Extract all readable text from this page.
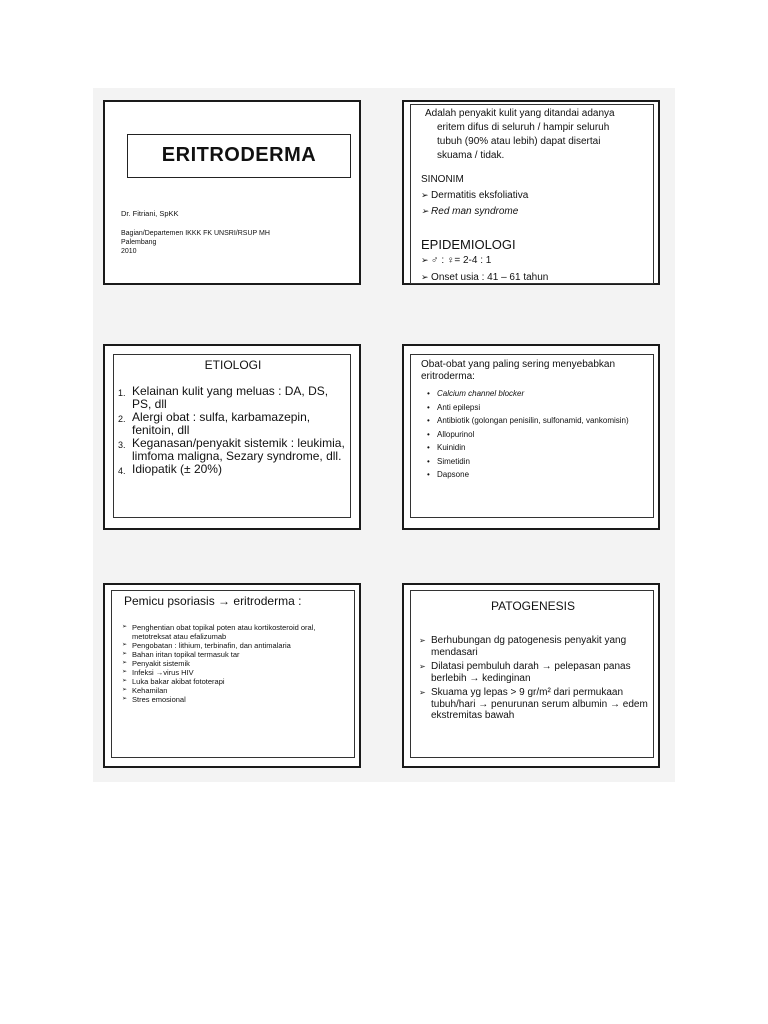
ERITRODERMA
Dr. Fitriani, SpKK
Bagian/Departemen IKKK FK UNSRI/RSUP MH
Palembang
2010
Adalah penyakit kulit yang ditandai adanya
eritem difus di seluruh / hampir seluruh
tubuh (90% atau lebih) dapat disertai
skuama / tidak.
SINONIM
➢ Dermatitis eksfoliativa
➢ Red man syndrome
EPIDEMIOLOGI
➢ ♂ : ♀= 2-4 : 1
➢ Onset usia : 41 – 61 tahun
ETIOLOGI
1. Kelainan kulit yang meluas : DA, DS, PS, dll
2. Alergi obat : sulfa, karbamazepin, fenitoin, dll
3. Keganasan/penyakit sistemik : leukimia, limfoma maligna, Sezary syndrome, dll.
4. Idiopatik (± 20%)
Obat-obat yang paling sering menyebabkan eritroderma:
• Calcium channel blocker
• Anti epilepsi
• Antibiotik (golongan penisilin, sulfonamid, vankomisin)
• Allopurinol
• Kuinidin
• Simetidin
• Dapsone
Pemicu psoriasis → eritroderma :
➢ Penghentian obat topikal poten atau kortikosteroid oral, metotreksat atau efalizumab
➢ Pengobatan : lithium, terbinafin, dan antimalaria
➢ Bahan iritan topikal termasuk tar
➢ Penyakit sistemik
➢ Infeksi →virus HIV
➢ Luka bakar akibat fototerapi
➢ Kehamilan
➢ Stres emosional
PATOGENESIS
➢ Berhubungan dg patogenesis penyakit yang mendasari
➢ Dilatasi pembuluh darah → pelepasan panas berlebih → kedinginan
➢ Skuama yg lepas > 9 gr/m² dari permukaan tubuh/hari → penurunan serum albumin → edem ekstremitas bawah
